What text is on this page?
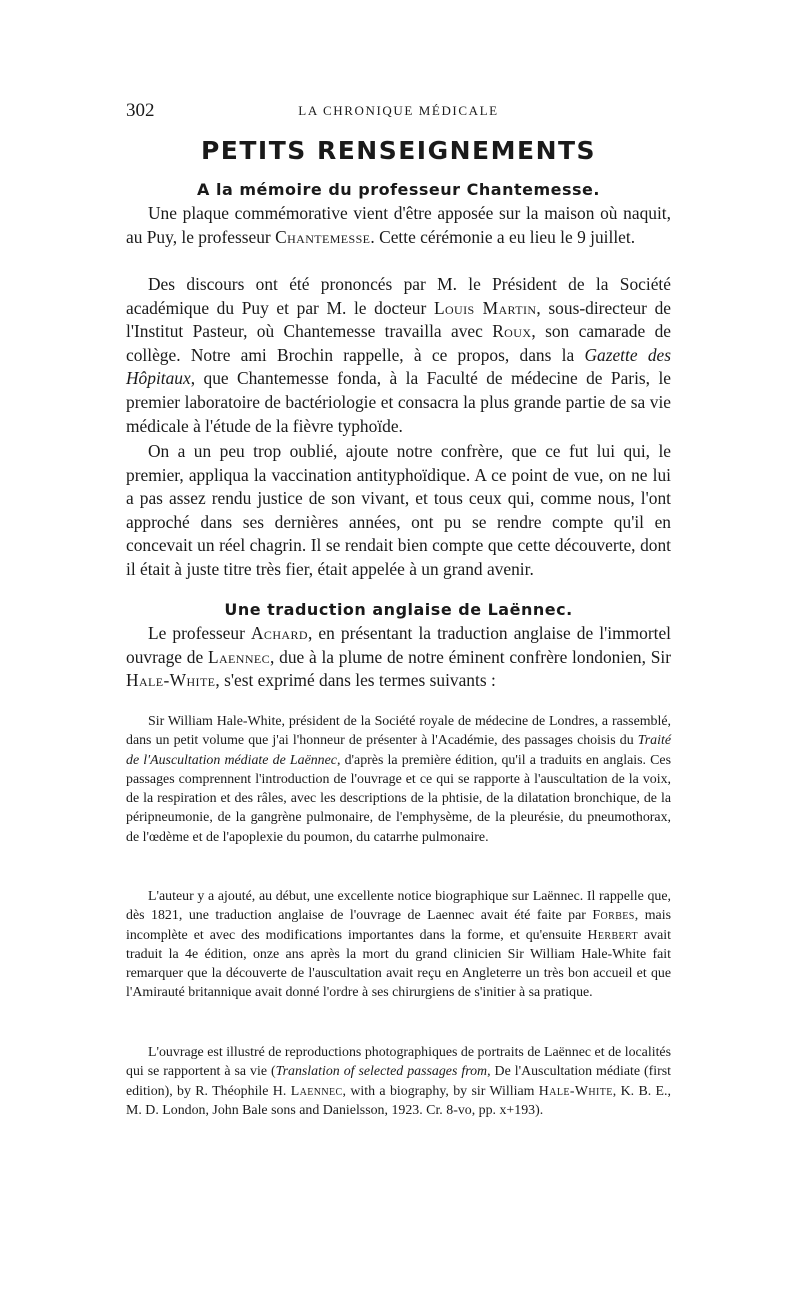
302	LA CHRONIQUE MÉDICALE
PETITS RENSEIGNEMENTS
A la mémoire du professeur Chantemesse.

Une plaque commémorative vient d'être apposée sur la maison où naquit, au Puy, le professeur Chantemesse. Cette cérémonie a eu lieu le 9 juillet.

Des discours ont été prononcés par M. le Président de la Société académique du Puy et par M. le docteur Louis Martin, sous-directeur de l'Institut Pasteur, où Chantemesse travailla avec Roux, son camarade de collège. Notre ami Brochin rappelle, à ce propos, dans la Gazette des Hôpitaux, que Chantemesse fonda, à la Faculté de médecine de Paris, le premier laboratoire de bactériologie et consacra la plus grande partie de sa vie médicale à l'étude de la fièvre typhoïde.

On a un peu trop oublié, ajoute notre confrère, que ce fut lui qui, le premier, appliqua la vaccination antityphoïdique. A ce point de vue, on ne lui a pas assez rendu justice de son vivant, et tous ceux qui, comme nous, l'ont approché dans ses dernières années, ont pu se rendre compte qu'il en concevait un réel chagrin. Il se rendait bien compte que cette découverte, dont il était à juste titre très fier, était appelée à un grand avenir.

Une traduction anglaise de Laënnec.

Le professeur Achard, en présentant la traduction anglaise de l'immortel ouvrage de Laennec, due à la plume de notre éminent confrère londonien, Sir Hale-White, s'est exprimé dans les termes suivants :

Sir William Hale-White, président de la Société royale de médecine de Londres, a rassemblé, dans un petit volume que j'ai l'honneur de présenter à l'Académie, des passages choisis du Traité de l'Auscultation médiate de Laënnec, d'après la première édition, qu'il a traduits en anglais. Ces passages comprennent l'introduction de l'ouvrage et ce qui se rapporte à l'auscultation de la voix, de la respiration et des râles, avec les descriptions de la phtisie, de la dilatation bronchique, de la péripneumonie, de la gangrène pulmonaire, de l'emphysème, de la pleurésie, du pneumothorax, de l'œdème et de l'apoplexie du poumon, du catarrhe pulmonaire.

L'auteur y a ajouté, au début, une excellente notice biographique sur Laënnec. Il rappelle que, dès 1821, une traduction anglaise de l'ouvrage de Laennec avait été faite par Forbes, mais incomplète et avec des modifications importantes dans la forme, et qu'ensuite Herbert avait traduit la 4e édition, onze ans après la mort du grand clinicien Sir William Hale-White fait remarquer que la découverte de l'auscultation avait reçu en Angleterre un très bon accueil et que l'Amirauté britannique avait donné l'ordre à ses chirurgiens de s'initier à sa pratique.

L'ouvrage est illustré de reproductions photographiques de portraits de Laënnec et de localités qui se rapportent à sa vie (Translation of selected passages from, De l'Auscultation médiate (first edition), by R. Théophile H. Laennec, with a biography, by sir William Hale-White, K. B. E., M. D. London, John Bale sons and Danielsson, 1923. Cr. 8-vo, pp. x+193).
